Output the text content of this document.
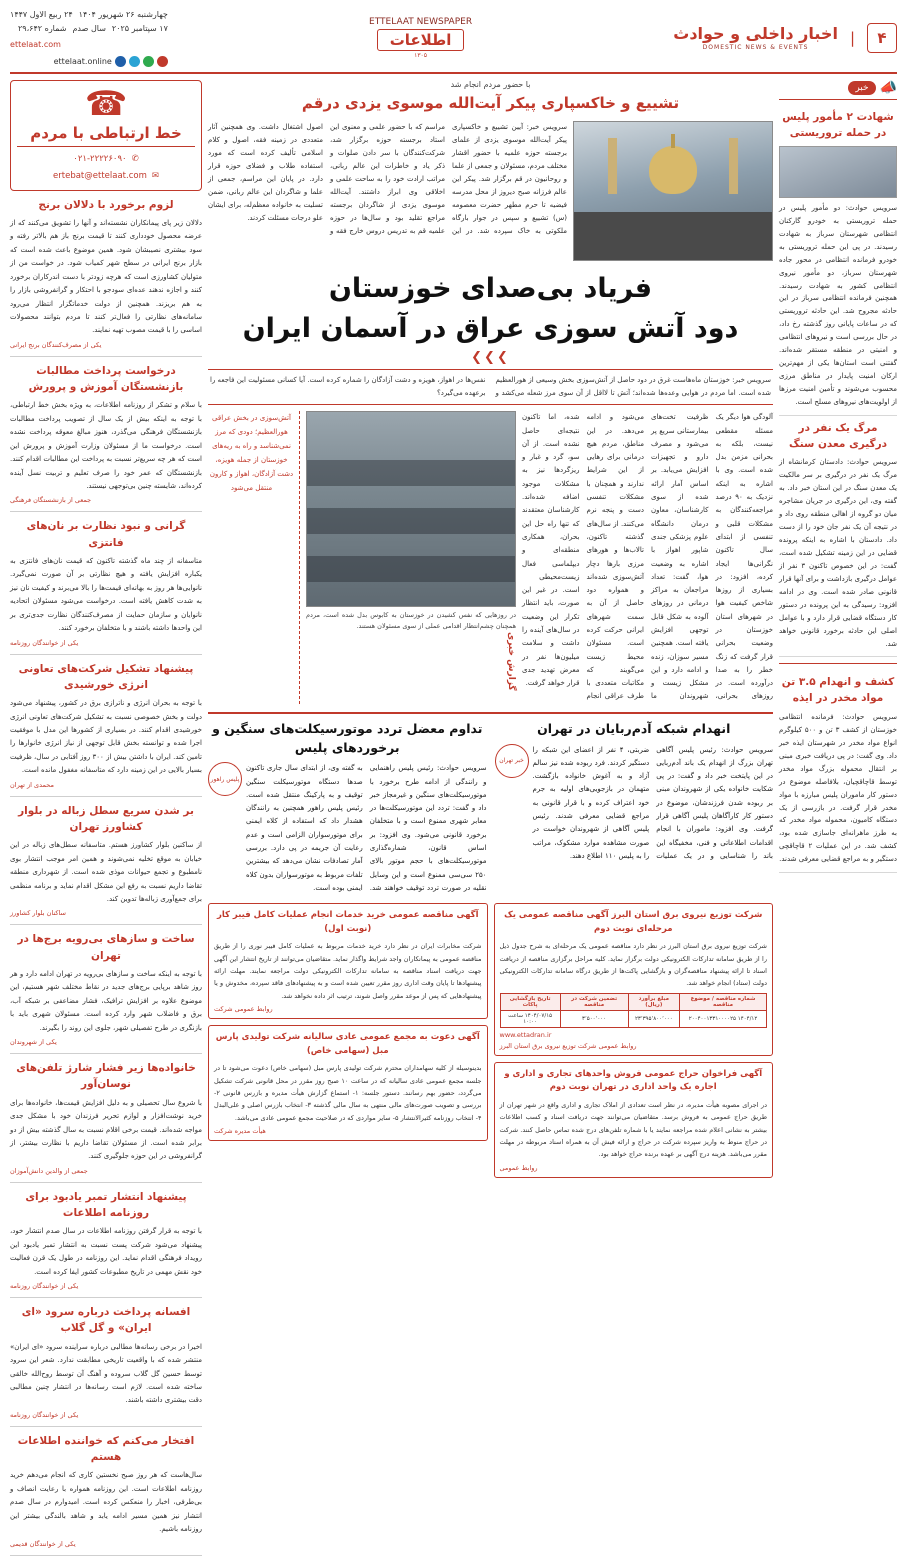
۴
|
اخبار داخلی و حوادث
DOMESTIC NEWS & EVENTS
ETTELAAT NEWSPAPER
اطلاعات
۱۳۰۵
چهارشنبه ۲۶ شهریور ۱۴۰۴
۲۴ ربیع الاول ۱۴۴۷
۱۷ سپتامبر ۲۰۲۵
سال صدم
شماره ۲۹،۶۴۲
ettelaat.com
ettelaat.online
📣
خبر
شهادت ۲ مأمور پلیس در حمله تروریستی
سرویس حوادث: دو مأمور پلیس در حمله تروریستی به خودرو گارکنان انتظامی شهرستان سرباز به شهادت رسیدند. در پی این حمله تروریستی به خودرو فرمانده انتظامی در محور جاده شهرستان سرباز، دو مأمور نیروی انتظامی کشور به شهادت رسیدند. همچنین فرمانده انتظامی سرباز در این حادثه مجروح شد. این حادثه تروریستی که در ساعات پایانی روز گذشته رخ داد، در حال بررسی است و نیروهای انتظامی و امنیتی در منطقه مستقر شده‌اند. گفتنی است استان‌ها یکی از مهم‌ترین ارکان امنیت پایدار در مناطق مرزی محسوب می‌شوند و تأمین امنیت مرزها از اولویت‌های نیروهای مسلح است.
مرگ یک نفر در درگیری معدن سنگ
سرویس حوادث: دادستان کرمانشاه از مرگ یک نفر در درگیری بر سر مالکیت یک معدن سنگ در این استان خبر داد. به گفته وی، این درگیری در جریان مشاجره میان دو گروه از اهالی منطقه روی داد و در نتیجه آن یک نفر جان خود را از دست داد. دادستان با اشاره به اینکه پرونده قضایی در این زمینه تشکیل شده است، گفت: در این خصوص تاکنون ۳ نفر از عوامل درگیری بازداشت و برای آنها قرار قانونی صادر شده است. وی در ادامه افزود: رسیدگی به این پرونده در دستور کار دستگاه قضایی قرار دارد و با عوامل اصلی این حادثه برخورد قانونی خواهد شد.
کشف و انهدام ۳.۵ تن مواد مخدر در ایذه
سرویس حوادث: فرمانده انتظامی خوزستان از کشف ۳ تن و ۵۰۰ کیلوگرم انواع مواد مخدر در شهرستان ایذه خبر داد. وی گفت: در پی دریافت خبری مبنی بر انتقال محموله بزرگ مواد مخدر توسط قاچاقچیان، بلافاصله موضوع در دستور کار ماموران پلیس مبارزه با مواد مخدر قرار گرفت. در بازرسی از یک دستگاه کامیون، محموله مواد مخدر که به طرز ماهرانه‌ای جاسازی شده بود، کشف شد. در این عملیات ۲ قاچاقچی دستگیر و به مراجع قضایی معرفی شدند.
با حضور مردم انجام شد
تشییع و خاکسپاری پیکر آیت‌الله موسوی یزدی درقم
سرویس خبر: آیین تشییع و خاکسپاری پیکر آیت‌الله موسوی یزدی از علمای برجسته حوزه علمیه با حضور اقشار مختلف مردم، مسئولان و جمعی از علما و روحانیون در قم برگزار شد. پیکر این عالم فرزانه صبح دیروز از محل مدرسه فیضیه تا حرم مطهر حضرت معصومه (س) تشییع و سپس در جوار بارگاه ملکوتی به خاک سپرده شد. در این مراسم که با حضور علمی و معنوی این استاد برجسته حوزه برگزار شد، شرکت‌کنندگان با سر دادن صلوات و ذکر یاد و خاطرات این عالم ربانی، مراتب ارادت خود را به ساحت علمی و اخلاقی وی ابراز داشتند. آیت‌الله موسوی یزدی از شاگردان برجسته مراجع تقلید بود و سال‌ها در حوزه علمیه قم به تدریس دروس خارج فقه و اصول اشتغال داشت. وی همچنین آثار متعددی در زمینه فقه، اصول و کلام اسلامی تألیف کرده است که مورد استفاده طلاب و فضلای حوزه قرار دارد. در پایان این مراسم، جمعی از علما و شاگردان این عالم ربانی، ضمن تسلیت به خانواده معظم‌له، برای ایشان علو درجات مسئلت کردند.
فریاد بی‌صدای خوزستان
دود آتش سوزی عراق در آسمان ایران
❯❯❯
سرویس خبر: خوزستان ماه‌هاست غرق در دود حاصل از آتش‌سوزی بخش وسیعی از هورالعظیم شده است. اما مردم در هوایی وعده‌ها شده‌اند؛ آتش تا لااقل از آن سوی مرز شعله می‌کشد و نفس‌ها در اهواز، هویزه و دشت آزادگان را شماره کرده است. آیا کسانی مسئولیت این فاجعه را برعهده می‌گیرد؟
آلودگی هوا دیگر یک مسئله مقطعی نیست، بلکه به بحرانی مزمن بدل شده است. وی با اشاره به اینکه نزدیک به ۹۰ درصد مراجعه‌کنندگان به مشکلات قلبی و تنفسی از ابتدای سال تاکنون نگرانی‌ها ایجاد کرده، افزود: در بسیاری از روزها شاخص کیفیت هوا در شهرهای استان خوزستان در وضعیت بحرانی قرار گرفت که زنگ خطر را به صدا درآورده است. در روزهای بحرانی، ظرفیت تخت‌های بیمارستانی سریع پر می‌شود و مصرف دارو و تجهیزات افزایش می‌یابد. بر اساس آمار ارائه شده از سوی کارشناسان، معاون درمان دانشگاه علوم پزشکی جندی شاپور اهواز با اشاره به وضعیت هوا، گفت: تعداد مراجعان به مراکز درمانی در روزهای آلوده به شکل قابل توجهی افزایش یافته است. همچنین مسیر سوزان، زنده و ادامه دارد و این مشکل زیست و شهروندان ما می‌شود و ادامه می‌دهد. در این مناطق، مردم هیچ درمانی برای رهایی از این شرایط ندارند و همچنان با مشکلات تنفسی دست و پنجه نرم می‌کنند. از سال‌های گذشته تاکنون، تالاب‌ها و هورهای مرزی بارها دچار آتش‌سوزی شده‌اند و همواره دود حاصل از آن به سمت شهرهای ایرانی حرکت کرده است. مسئولان محیط زیست می‌گویند که مکاتبات متعددی با طرف عراقی انجام شده، اما تاکنون نتیجه‌ای حاصل نشده است. از آن سو، گرد و غبار و ریزگردها نیز به مشکلات موجود اضافه شده‌اند. کارشناسان معتقدند که تنها راه حل این بحران، همکاری منطقه‌ای و دیپلماسی فعال زیست‌محیطی است. در غیر این صورت، باید انتظار تکرار این وضعیت در سال‌های آینده را داشت و سلامت میلیون‌ها نفر در معرض تهدید جدی قرار خواهد گرفت.
در روزهایی که نفس کشیدن در خوزستان به کابوس بدل شده است، مردم همچنان چشم‌انتظار اقدامی عملی از سوی مسئولان هستند.
گزارش خبری
آتش‌سوزی در بخش عراقی هورالعظیم؛ دودی که مرز نمی‌شناسد و راه به ریه‌های خوزستان از جمله هویزه، دشت آزادگان، اهواز و کارون منتقل می‌شود
انهدام شبکه آدم‌ربایان در تهران
خبر تهران
سرویس حوادث: رئیس پلیس آگاهی تهران بزرگ از انهدام یک باند آدم‌ربایی در این پایتخت خبر داد و گفت: در پی شکایت خانواده یکی از شهروندان مبنی بر ربوده شدن فرزندشان، موضوع در دستور کار کارآگاهان پلیس آگاهی قرار گرفت. وی افزود: ماموران با انجام اقدامات اطلاعاتی و فنی، مخفیگاه این باند را شناسایی و در یک عملیات ضربتی، ۴ نفر از اعضای این شبکه را دستگیر کردند. فرد ربوده شده نیز سالم آزاد و به آغوش خانواده بازگشت. متهمان در بازجویی‌های اولیه به جرم خود اعتراف کرده و با قرار قانونی به مراجع قضایی معرفی شدند. رئیس پلیس آگاهی از شهروندان خواست در صورت مشاهده موارد مشکوک، مراتب را به پلیس ۱۱۰ اطلاع دهند.
تداوم معضل تردد موتورسیکلت‌های سنگین و برخوردهای پلیس
پلیس راهور
سرویس حوادث: رئیس پلیس راهنمایی و رانندگی از ادامه طرح برخورد با موتورسیکلت‌های سنگین و غیرمجاز خبر داد و گفت: تردد این موتورسیکلت‌ها در معابر شهری ممنوع است و با متخلفان برخورد قانونی می‌شود. وی افزود: بر اساس قانون، شماره‌گذاری موتورسیکلت‌های با حجم موتور بالای ۲۵۰ سی‌سی ممنوع است و این وسایل نقلیه در صورت تردد توقیف خواهند شد. به گفته وی، از ابتدای سال جاری تاکنون صدها دستگاه موتورسیکلت سنگین توقیف و به پارکینگ منتقل شده است. رئیس پلیس راهور همچنین به رانندگان هشدار داد که استفاده از کلاه ایمنی برای موتورسواران الزامی است و عدم رعایت آن جریمه در پی دارد. بررسی آمار تصادفات نشان می‌دهد که بیشترین تلفات مربوط به موتورسواران بدون کلاه ایمنی بوده است.
شرکت توزیع نیروی برق استان البرز آگهی مناقصه عمومی یک مرحله‌ای نوبت دوم
شرکت توزیع نیروی برق استان البرز در نظر دارد مناقصه عمومی یک مرحله‌ای به شرح جدول ذیل را از طریق سامانه تدارکات الکترونیکی دولت برگزار نماید. کلیه مراحل برگزاری مناقصه از دریافت اسناد تا ارائه پیشنهاد مناقصه‌گران و بازگشایی پاکت‌ها از طریق درگاه سامانه تدارکات الکترونیکی دولت (ستاد) انجام خواهد شد.
شماره مناقصه / موضوع مناقصه	مبلغ برآورد (ریال)	تضمین شرکت در مناقصه	تاریخ بازگشایی پاکات
۱۴۰۴/۱۲ ۲۰۰۴۰۰۱۳۳۱۰۰۰۰۲۵	۲۳٬۳۹۵٬۸۰۰٬۰۰۰	۳٬۵۰۰٬۰۰۰	۱۴۰۴/۰۷/۱۵ ساعت ۱۰:۰۰
www.ettadran.ir
روابط عمومی شرکت توزیع نیروی برق استان البرز
آگهی فراخوان حراج عمومی فروش واحدهای تجاری و اداری و اجاره یک واحد اداری در تهران نوبت دوم
در اجرای مصوبه هیأت مدیره، در نظر است تعدادی از املاک تجاری و اداری واقع در شهر تهران از طریق حراج عمومی به فروش برسد. متقاضیان می‌توانند جهت دریافت اسناد و کسب اطلاعات بیشتر به نشانی اعلام شده مراجعه نمایند یا با شماره تلفن‌های درج شده تماس حاصل کنند. شرکت در حراج منوط به واریز سپرده شرکت در حراج و ارائه فیش آن به همراه اسناد مربوطه در مهلت مقرر می‌باشد. هزینه درج آگهی بر عهده برنده حراج خواهد بود.
روابط عمومی
آگهی مناقصه عمومی خرید خدمات انجام عملیات کامل فیبر کار (نوبت اول)
شرکت مخابرات ایران در نظر دارد خرید خدمات مربوط به عملیات کامل فیبر نوری را از طریق مناقصه عمومی به پیمانکاران واجد شرایط واگذار نماید. متقاضیان می‌توانند از تاریخ انتشار این آگهی جهت دریافت اسناد مناقصه به سامانه تدارکات الکترونیکی دولت مراجعه نمایند. مهلت ارائه پیشنهادها تا پایان وقت اداری روز مقرر تعیین شده است و به پیشنهادهای فاقد سپرده، مخدوش و یا پیشنهادهایی که پس از موعد مقرر واصل شوند، ترتیب اثر داده نخواهد شد.
روابط عمومی شرکت
آگهی دعوت به مجمع عمومی عادی سالیانه شرکت تولیدی پارس مبل (سهامی خاص)
بدینوسیله از کلیه سهامداران محترم شرکت تولیدی پارس مبل (سهامی خاص) دعوت می‌شود تا در جلسه مجمع عمومی عادی سالیانه که در ساعت ۱۰ صبح روز مقرر در محل قانونی شرکت تشکیل می‌گردد، حضور بهم رسانند. دستور جلسه: ۱- استماع گزارش هیأت مدیره و بازرس قانونی ۲- بررسی و تصویب صورت‌های مالی منتهی به سال مالی گذشته ۳- انتخاب بازرس اصلی و علی‌البدل ۴- انتخاب روزنامه کثیرالانتشار ۵- سایر مواردی که در صلاحیت مجمع عمومی عادی می‌باشد.
هیأت مدیره شرکت
☎
خط ارتباطی با مردم
✆
۰۲۱-۲۲۲۲۶۰۹۰
✉
ertebat@ettelaat.com
لزوم برخورد با دلالان برنج
دلالان زیر پای پیمانکاران نشسته‌اند و آنها را تشویق می‌کنند که از عرضه محصول خودداری کنند تا قیمت برنج باز هم بالاتر رفته و سود بیشتری نصیبشان شود. همین موضوع باعث شده است که بازار برنج ایرانی در سطح شهر کمیاب شود. در خواست من از متولیان کشاورزی است که هرچه زودتر با دست اندرکاران برخورد کنند و اجازه ندهند عده‌ای سودجو با احتکار و گرانفروشی بازار را به هم بریزند. همچنین از دولت خدماتگزار انتظار می‌رود سامانه‌های نظارتی را فعال‌تر کنند تا مردم بتوانند محصولات اساسی را با قیمت مصوب تهیه نمایند.
یکی از مصرف‌کنندگان برنج ایرانی
درخواست پرداخت مطالبات بازنشستگان آموزش و پرورش
با سلام و تشکر از روزنامه اطلاعات، به ویژه بخش خط ارتباطی، با توجه به اینکه بیش از یک سال از تصویب پرداخت مطالبات بازنشستگان فرهنگی می‌گذرد، هنوز مبالغ معوقه پرداخت نشده است. درخواست ما از مسئولان وزارت آموزش و پرورش این است که هر چه سریع‌تر نسبت به پرداخت این مطالبات اقدام کنند. بازنشستگان که عمر خود را صرف تعلیم و تربیت نسل آینده کرده‌اند، شایسته چنین بی‌توجهی نیستند.
جمعی از بازنشستگان فرهنگی
گرانی و نبود نظارت بر نان‌های فانتزی
متاسفانه از چند ماه گذشته تاکنون که قیمت نان‌های فانتزی به یکباره افزایش یافته و هیچ نظارتی بر آن صورت نمی‌گیرد. نانوایی‌ها هر روز به بهانه‌ای قیمت‌ها را بالا می‌برند و کیفیت نان نیز به شدت کاهش یافته است. درخواست می‌شود مسئولان اتحادیه نانوایان و سازمان حمایت از مصرف‌کنندگان نظارت جدی‌تری بر این واحدها داشته باشند و با متخلفان برخورد کنند.
یکی از خوانندگان روزنامه
پیشنهاد تشکیل شرکت‌های تعاونی انرژی خورشیدی
با توجه به بحران انرژی و ناترازی برق در کشور، پیشنهاد می‌شود دولت و بخش خصوصی نسبت به تشکیل شرکت‌های تعاونی انرژی خورشیدی اقدام کنند. در بسیاری از کشورها این مدل با موفقیت اجرا شده و توانسته بخش قابل توجهی از نیاز انرژی خانوارها را تامین کند. ایران با داشتن بیش از ۳۰۰ روز آفتابی در سال، ظرفیت بسیار بالایی در این زمینه دارد که متاسفانه مغفول مانده است.
محمدی از تهران
بر شدن سریع سطل زباله در بلوار کشاورز تهران
از ساکنین بلوار کشاورز هستم. متاسفانه سطل‌های زباله در این خیابان به موقع تخلیه نمی‌شوند و همین امر موجب انتشار بوی نامطبوع و تجمع حیوانات موذی شده است. از شهرداری منطقه تقاضا داریم نسبت به رفع این مشکل اقدام نماید و برنامه منظمی برای جمع‌آوری زباله‌ها تدوین کند.
ساکنان بلوار کشاورز
ساخت و سازهای بی‌رویه برج‌ها در تهران
با توجه به اینکه ساخت و سازهای بی‌رویه در تهران ادامه دارد و هر روز شاهد برپایی برج‌های جدید در نقاط مختلف شهر هستیم، این موضوع علاوه بر افزایش ترافیک، فشار مضاعفی بر شبکه آب، برق و فاضلاب شهر وارد کرده است. مسئولان شهری باید با بازنگری در طرح تفصیلی شهر، جلوی این روند را بگیرند.
یکی از شهروندان
خانواده‌ها زیر فشار شارژ تلفن‌های نوسان‌آور
با شروع سال تحصیلی و به دلیل افزایش قیمت‌ها، خانواده‌ها برای خرید نوشت‌افزار و لوازم تحریر فرزندان خود با مشکل جدی مواجه شده‌اند. قیمت برخی اقلام نسبت به سال گذشته بیش از دو برابر شده است. از مسئولان تقاضا داریم با نظارت بیشتر، از گرانفروشی در این حوزه جلوگیری کنند.
جمعی از والدین دانش‌آموزان
پیشنهاد انتشار تمبر یادبود برای روزنامه اطلاعات
با توجه به قرار گرفتن روزنامه اطلاعات در سال صدم انتشار خود، پیشنهاد می‌شود شرکت پست نسبت به انتشار تمبر یادبود این رویداد فرهنگی اقدام نماید. این روزنامه در طول یک قرن فعالیت خود نقش مهمی در تاریخ مطبوعات کشور ایفا کرده است.
یکی از خوانندگان روزنامه
افسانه پرداخت درباره سرود «ای ایران» و گل گلاب
اخیرا در برخی رسانه‌ها مطالبی درباره سراینده سرود «ای ایران» منتشر شده که با واقعیت تاریخی مطابقت ندارد. شعر این سرود توسط حسین گل گلاب سروده و آهنگ آن توسط روح‌الله خالقی ساخته شده است. لازم است رسانه‌ها در انتشار چنین مطالبی دقت بیشتری داشته باشند.
یکی از خوانندگان روزنامه
افتخار می‌کنم که خواننده اطلاعات هستم
سال‌هاست که هر روز صبح نخستین کاری که انجام می‌دهم خرید روزنامه اطلاعات است. این روزنامه همواره با رعایت انصاف و بی‌طرفی، اخبار را منعکس کرده است. امیدوارم در سال صدم انتشار نیز همین مسیر ادامه یابد و شاهد بالندگی بیشتر این روزنامه باشیم.
یکی از خوانندگان قدیمی
